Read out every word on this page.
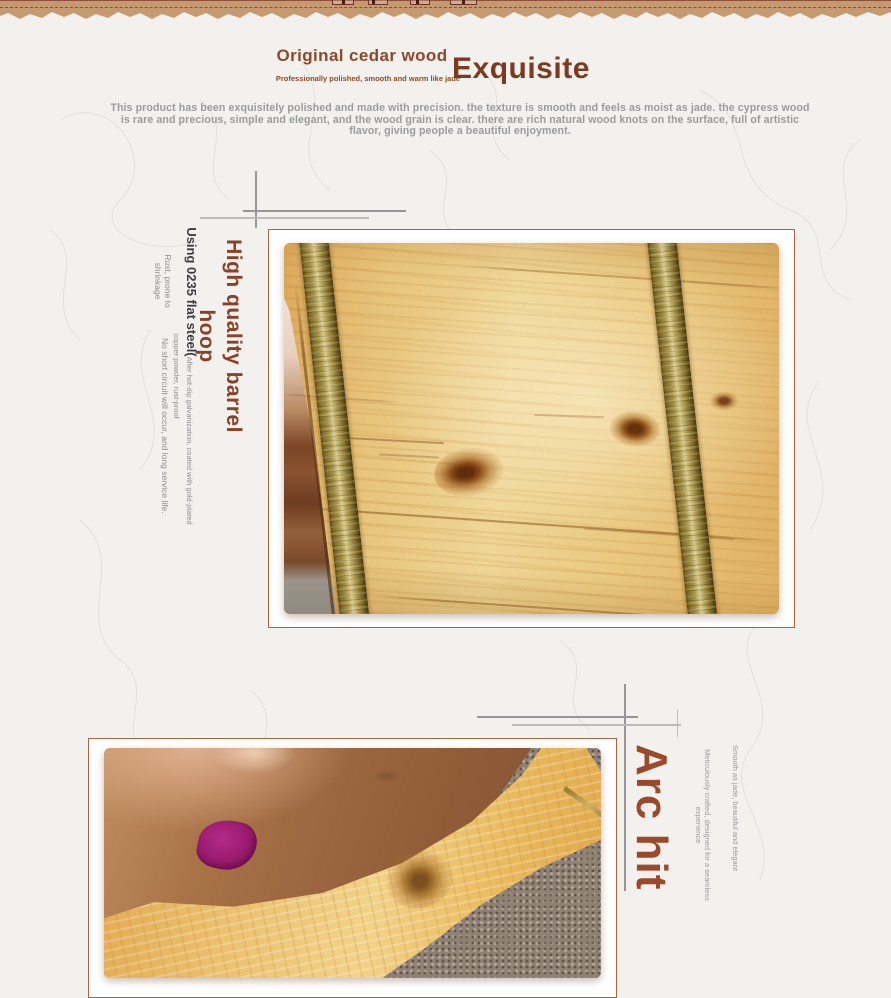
Original cedar wood
Professionally polished, smooth and warm like jade
Exquisite
This product has been exquisitely polished and made with precision. the texture is smooth and feels as moist as jade. the cypress wood is rare and precious, simple and elegant, and the wood grain is clear. there are rich natural wood knots on the surface, full of artistic flavor, giving people a beautiful enjoyment.
High quality barrel hoop
Using 0235 flat steel(After hot-dip galvanization, coated with gold-plated copper powder, rust-proof
Rust, prone to shrinkage
No short circuit will occur, and long service life.
Arc hit	Meticulously crafted, designed for a seamless experience	Smooth as jade, beautiful and elegant
